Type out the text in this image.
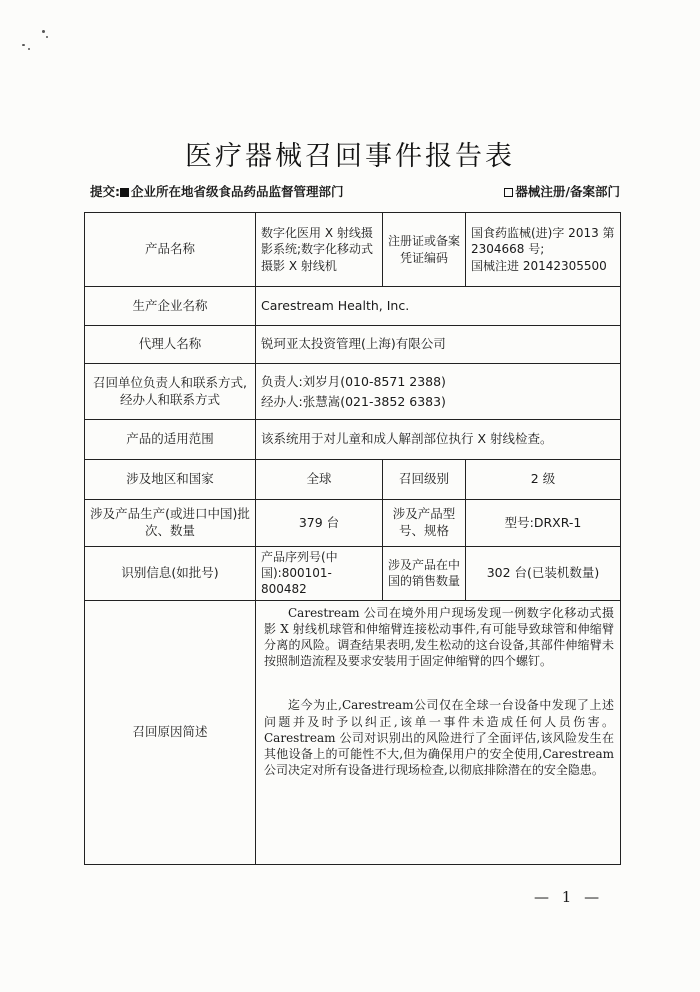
医疗器械召回事件报告表
提交: 企业所在地省级食品药品监督管理部门	器械注册/备案部门
产品名称	数字化医用 X 射线摄影系统;数字化移动式摄影 X 射线机	注册证或备案凭证编码	国食药监械(进)字 2013 第 2304668 号;
国械注进 20142305500

生产企业名称	Carestream Health, Inc.		
代理人名称	锐珂亚太投资管理(上海)有限公司		
召回单位负责人和联系方式,经办人和联系方式	负责人:刘岁月(010-8571 2388)
经办人:张慧嵩(021-3852 6383)		

产品的适用范围	该系统用于对儿童和成人解剖部位执行 X 射线检查。		
涉及地区和国家	全球	召回级别	2 级
涉及产品生产(或进口中国)批次、数量	379 台	涉及产品型号、规格	型号:DRXR-1
识别信息(如批号)	产品序列号(中国):800101-800482	涉及产品在中国的销售数量	302 台(已装机数量)
召回原因简述	Carestream 公司在境外用户现场发现一例数字化移动式摄影 X 射线机球管和伸缩臂连接松动事件,有可能导致球管和伸缩臂分离的风险。调查结果表明,发生松动的这台设备,其部件伸缩臂未按照制造流程及要求安装用于固定伸缩臂的四个螺钉。

迄今为止,Carestream公司仅在全球一台设备中发现了上述问题并及时予以纠正,该单一事件未造成任何人员伤害。Carestream 公司对识别出的风险进行了全面评估,该风险发生在其他设备上的可能性不大,但为确保用户的安全使用,Carestream 公司决定对所有设备进行现场检查,以彻底排除潜在的安全隐患。		

— 1 —
